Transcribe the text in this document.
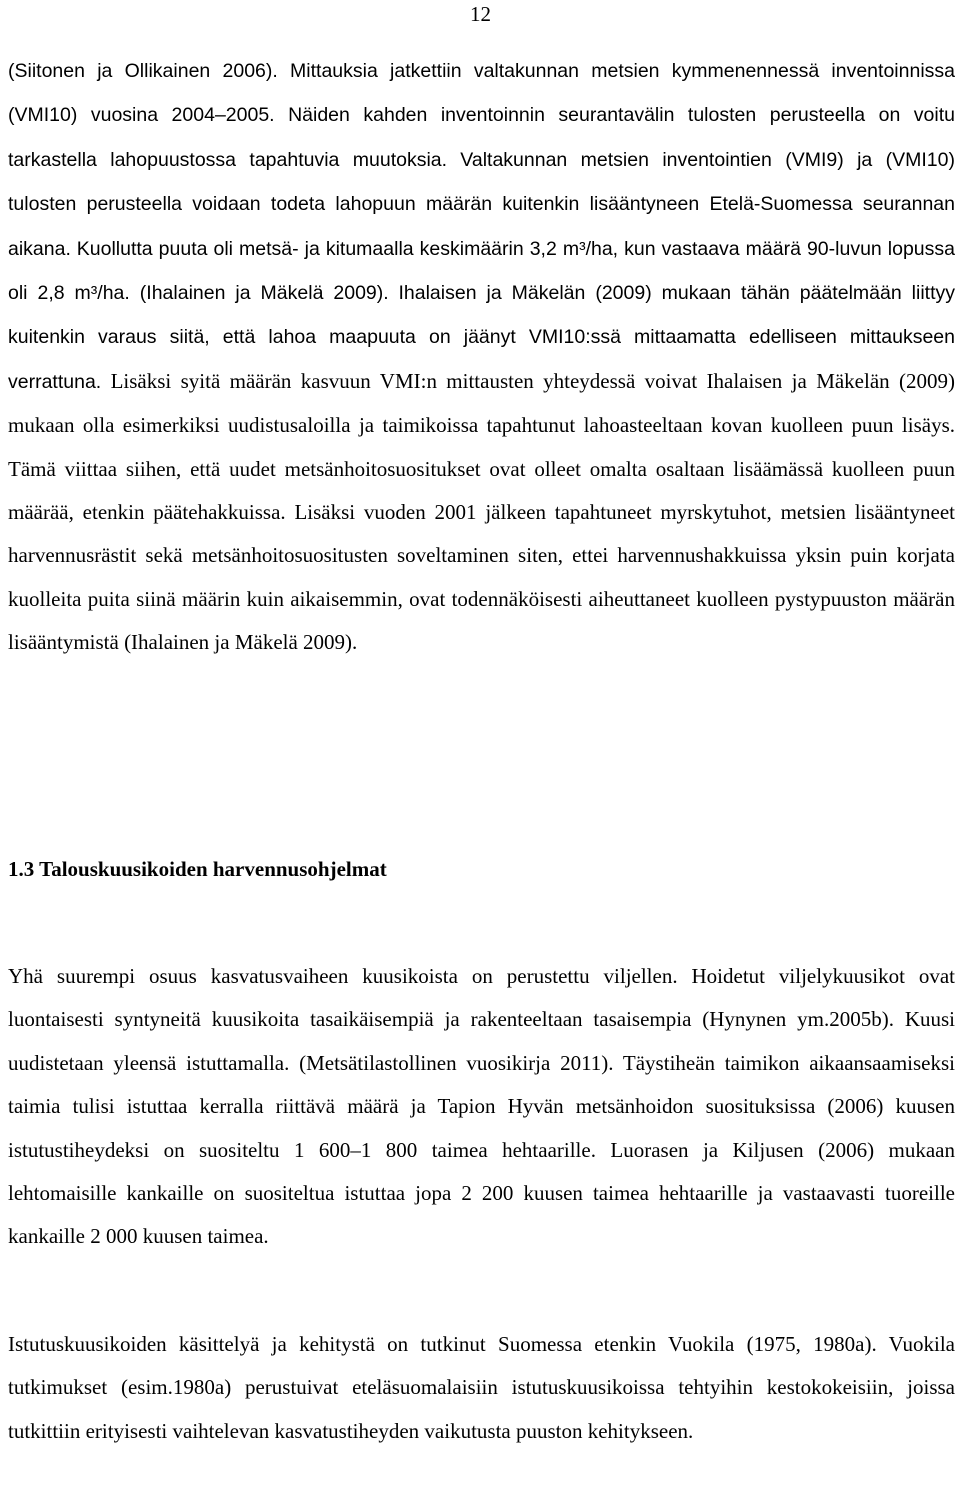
12

(Siitonen ja Ollikainen 2006). Mittauksia jatkettiin valtakunnan metsien kymmenennessä inventoinnissa (VMI10) vuosina 2004–2005. Näiden kahden inventoinnin seurantavälin tulosten perusteella on voitu tarkastella lahopuustossa tapahtuvia muutoksia. Valtakunnan metsien inventointien (VMI9) ja (VMI10) tulosten perusteella voidaan todeta lahopuun määrän kuitenkin lisääntyneen Etelä-Suomessa seurannan aikana. Kuollutta puuta oli metsä- ja kitumaalla keskimäärin 3,2 m³/ha, kun vastaava määrä 90-luvun lopussa oli 2,8 m³/ha. (Ihalainen ja Mäkelä 2009). Ihalaisen ja Mäkelän (2009) mukaan tähän päätelmään liittyy kuitenkin varaus siitä, että lahoa maapuuta on jäänyt VMI10:ssä mittaamatta edelliseen mittaukseen verrattuna. Lisäksi syitä määrän kasvuun VMI:n mittausten yhteydessä voivat Ihalaisen ja Mäkelän (2009) mukaan olla esimerkiksi uudistusaloilla ja taimikoissa tapahtunut lahoasteeltaan kovan kuolleen puun lisäys. Tämä viittaa siihen, että uudet metsänhoitosuositukset ovat olleet omalta osaltaan lisäämässä kuolleen puun määrää, etenkin päätehakkuissa. Lisäksi vuoden 2001 jälkeen tapahtuneet myrskytuhot, metsien lisääntyneet harvennusrästit sekä metsänhoitosuositusten soveltaminen siten, ettei harvennushakkuissa yksin puin korjata kuolleita puita siinä määrin kuin aikaisemmin, ovat todennäköisesti aiheuttaneet kuolleen pystypuuston määrän lisääntymistä (Ihalainen ja Mäkelä 2009).

1.3 Talouskuusikoiden harvennusohjelmat

Yhä suurempi osuus kasvatusvaiheen kuusikoista on perustettu viljellen. Hoidetut viljelykuusikot ovat luontaisesti syntyneitä kuusikoita tasaikäisempiä ja rakenteeltaan tasaisempia (Hynynen ym.2005b). Kuusi uudistetaan yleensä istuttamalla. (Metsätilastollinen vuosikirja 2011). Täystiheän taimikon aikaansaamiseksi taimia tulisi istuttaa kerralla riittävä määrä ja Tapion Hyvän metsänhoidon suosituksissa (2006) kuusen istutustiheydeksi on suositeltu 1 600–1 800 taimea hehtaarille. Luorasen ja Kiljusen (2006) mukaan lehtomaisille kankaille on suositeltua istuttaa jopa 2 200 kuusen taimea hehtaarille ja vastaavasti tuoreille kankaille 2 000 kuusen taimea.

Istutuskuusikoiden käsittelyä ja kehitystä on tutkinut Suomessa etenkin Vuokila (1975, 1980a). Vuokila tutkimukset (esim.1980a) perustuivat eteläsuomalaisiin istutuskuusikoissa tehtyihin kestokokeisiin, joissa tutkittiin erityisesti vaihtelevan kasvatustiheyden vaikutusta puuston kehitykseen.
